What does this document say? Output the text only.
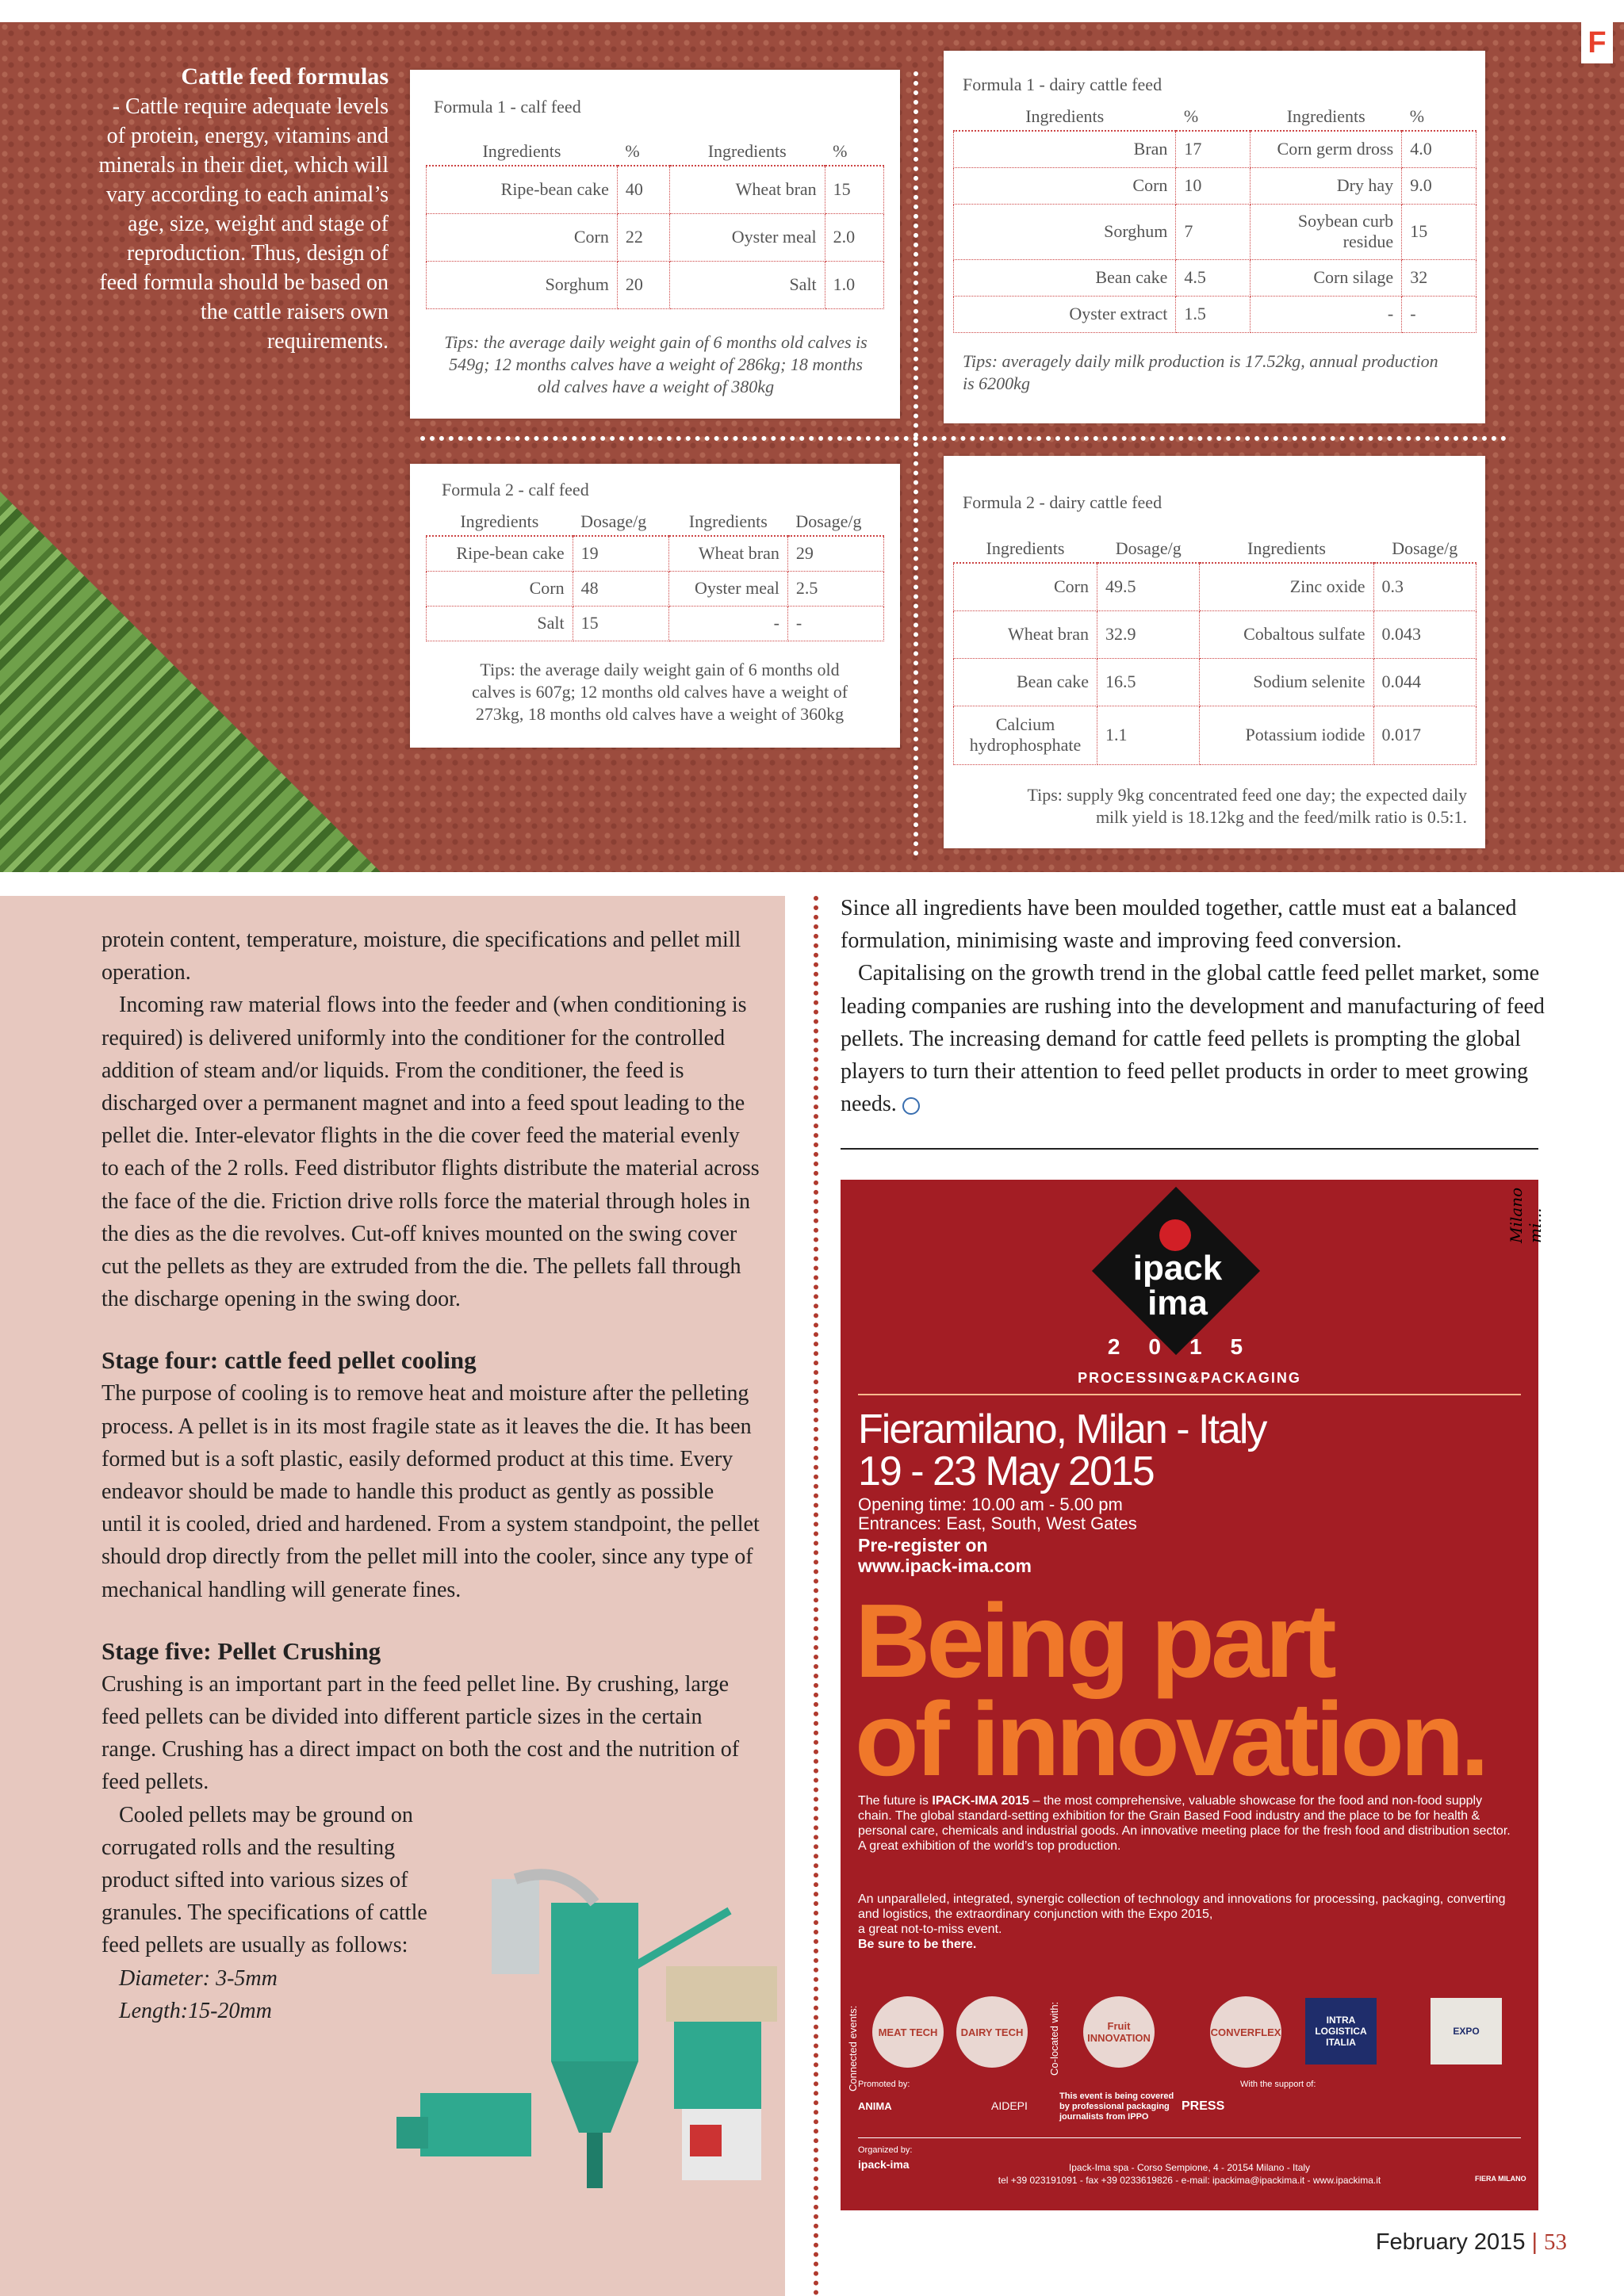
F
Cattle feed formulas
- Cattle require adequate levels of protein, energy, vitamins and minerals in their diet, which will vary according to each animal’s age, size, weight and stage of reproduction. Thus, design of feed formula should be based on the cattle raisers own requirements.
Formula 1 - calf feed
Ingredients	%	Ingredients	%
Ripe-bean cake	40	Wheat bran	15
Corn	22	Oyster meal	2.0
Sorghum	20	Salt	1.0
Tips: the average daily weight gain of 6 months old calves is 549g; 12 months calves have a weight of 286kg; 18 months old calves have a weight of 380kg
Formula 1 - dairy cattle feed
Ingredients	%	Ingredients	%
Bran	17	Corn germ dross	4.0
Corn	10	Dry hay	9.0
Sorghum	7	Soybean curb residue	15
Bean cake	4.5	Corn silage	32
Oyster extract	1.5	-	-
Tips: averagely daily milk production is 17.52kg, annual production is 6200kg
Formula 2 - calf feed
Ingredients	Dosage/g	Ingredients	Dosage/g
Ripe-bean cake	19	Wheat bran	29
Corn	48	Oyster meal	2.5
Salt	15	-	-
Tips: the average daily weight gain of 6 months old calves is 607g; 12 months old calves have a weight of 273kg, 18 months old calves have a weight of 360kg
Formula 2 - dairy cattle feed
Ingredients	Dosage/g	Ingredients	Dosage/g
Corn	49.5	Zinc oxide	0.3
Wheat bran	32.9	Cobaltous sulfate	0.043
Bean cake	16.5	Sodium selenite	0.044
Calcium hydrophosphate	1.1	Potassium iodide	0.017
Tips: supply 9kg concentrated feed one day; the expected daily milk yield is 18.12kg and the feed/milk ratio is 0.5:1.

protein content, temperature, moisture, die specifications and pellet mill operation.

Incoming raw material flows into the feeder and (when conditioning is required) is delivered uniformly into the conditioner for the controlled addition of steam and/or liquids. From the conditioner, the feed is discharged over a permanent magnet and into a feed spout leading to the pellet die. Inter-elevator flights in the die cover feed the material evenly to each of the 2 rolls. Feed distributor flights distribute the material across the face of the die. Friction drive rolls force the material through holes in the dies as the die revolves. Cut-off knives mounted on the swing cover cut the pellets as they are extruded from the die. The pellets fall through the discharge opening in the swing door.

Stage four: cattle feed pellet cooling

The purpose of cooling is to remove heat and moisture after the pelleting process. A pellet is in its most fragile state as it leaves the die. It has been formed but is a soft plastic, easily deformed product at this time. Every endeavor should be made to handle this product as gently as possible until it is cooled, dried and hardened. From a system standpoint, the pellet should drop directly from the pellet mill into the cooler, since any type of mechanical handling will generate fines.

Stage five: Pellet Crushing

Crushing is an important part in the feed pellet line. By crushing, large feed pellets can be divided into different particle sizes in the certain range. Crushing has a direct impact on both the cost and the nutrition of feed pellets.

Cooled pellets may be ground on corrugated rolls and the resulting product sifted into various sizes of granules. The specifications of cattle feed pellets are usually as follows:

Diameter: 3-5mm

Length:15-20mm

Since all ingredients have been moulded together, cattle must eat a balanced formulation, minimising waste and improving feed conversion.

Capitalising on the growth trend in the global cattle feed pellet market, some leading companies are rushing into the development and manufacturing of feed pellets. The increasing demand for cattle feed pellets is prompting the global players to turn their attention to feed pellet products in order to meet growing needs.

ipack
ima
Milano mi...
2015
PROCESSING&PACKAGING
Fieramilano, Milan - Italy
19 - 23 May 2015
Opening time: 10.00 am - 5.00 pm
Entrances: East, South, West Gates
Pre-register on
www.ipack-ima.com
Being part
of innovation.
The future is IPACK-IMA 2015 – the most comprehensive, valuable showcase for the food and non-food supply chain. The global standard-setting exhibition for the Grain Based Food industry and the place to be for health & personal care, chemicals and industrial goods. An innovative meeting place for the fresh food and distribution sector.
A great exhibition of the world’s top production.
An unparalleled, integrated, synergic collection of technology and innovations for processing, packaging, converting and logistics, the extraordinary conjunction with the Expo 2015,
a great not-to-miss event.
Be sure to be there.
Connected events:	MEAT TECH	DAIRY TECH	Co-located with:	Fruit INNOVATION	CONVERFLEX
INTRA LOGISTICA ITALIA
EXPO
Promoted by:
ANIMA	AIDEPI
This event is being covered by professional packaging journalists from IPPO
PRESS
With the support of:
Organized by:
ipack-ima	Ipack-Ima spa - Corso Sempione, 4 - 20154 Milano - Italy
tel +39 023191091 - fax +39 0233619826 - e-mail: ipackima@ipackima.it - www.ipackima.it	FIERA MILANO
February 2015 | 53
